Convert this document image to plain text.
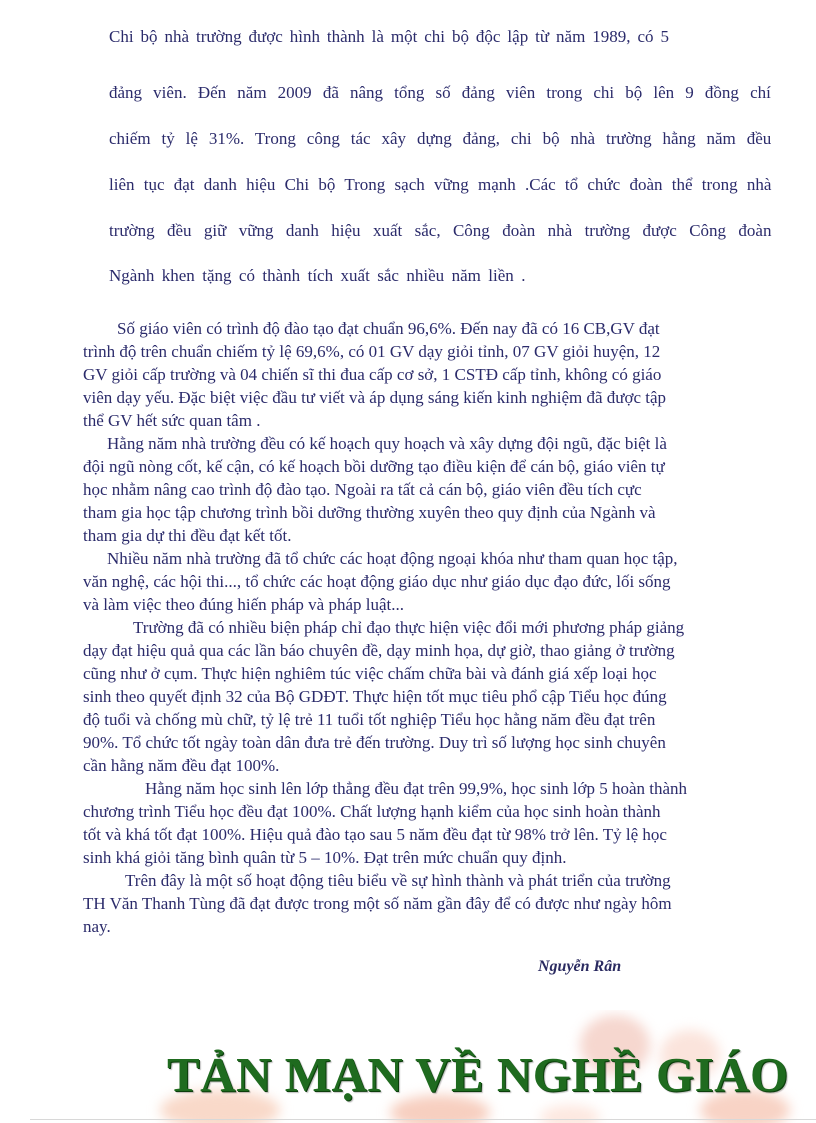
Chi bộ nhà trường được hình thành là một chi bộ độc lập từ năm 1989, có 5
đảng viên. Đến năm 2009 đã nâng tổng số đảng viên trong chi bộ lên 9 đồng chí
chiếm tỷ lệ 31%. Trong công tác xây dựng đảng, chi bộ nhà trường hằng năm đều
liên tục đạt danh hiệu Chi bộ Trong sạch vững mạnh .Các tổ chức đoàn thể trong nhà
trường đều giữ vững danh hiệu xuất sắc, Công đoàn nhà trường được Công đoàn
Ngành khen tặng có thành tích xuất sắc nhiều năm liền .
Số giáo viên có trình độ đào tạo đạt chuẩn 96,6%. Đến nay đã có 16 CB,GV đạt
trình độ trên chuẩn chiếm tỷ lệ 69,6%, có 01 GV dạy giỏi tỉnh, 07 GV giỏi huyện, 12
GV giỏi cấp trường và 04 chiến sĩ thi đua cấp cơ sở, 1 CSTĐ cấp tỉnh, không có giáo
viên dạy yếu. Đặc biệt việc đầu tư viết và áp dụng sáng kiến kinh nghiệm đã được tập
thể GV hết sức quan tâm .
Hằng năm nhà trường đều có kế hoạch quy hoạch và xây dựng đội ngũ, đặc biệt là
đội ngũ nòng cốt, kế cận, có kế hoạch bồi dưỡng tạo điều kiện để cán bộ, giáo viên tự
học nhằm nâng cao trình độ đào tạo. Ngoài ra tất cả cán bộ, giáo viên đều tích cực
tham gia học tập chương trình bồi dưỡng thường xuyên theo quy định của Ngành và
tham gia dự thi đều đạt kết tốt.
Nhiều năm nhà trường đã tổ chức các hoạt động ngoại khóa như tham quan học tập,
văn nghệ, các hội thi..., tổ chức các hoạt động giáo dục như giáo dục đạo đức, lối sống
và làm việc theo đúng hiến pháp và pháp luật...
Trường đã có nhiều biện pháp chỉ đạo thực hiện việc đổi mới phương pháp giảng
dạy đạt hiệu quả qua các lần báo chuyên đề, dạy minh họa, dự giờ, thao giảng ở trường
cũng như ở cụm. Thực hiện nghiêm túc việc chấm chữa bài và đánh giá xếp loại học
sinh theo quyết định 32 của Bộ GDĐT. Thực hiện tốt mục tiêu phổ cập Tiểu học đúng
độ tuổi và chống mù chữ, tỷ lệ trẻ 11 tuổi tốt nghiệp Tiểu học hằng năm đều đạt trên
90%. Tổ chức tốt ngày toàn dân đưa trẻ đến trường. Duy trì số lượng học sinh chuyên
cần hằng năm đều đạt 100%.
Hằng năm học sinh lên lớp thẳng đều đạt trên 99,9%, học sinh lớp 5 hoàn thành
chương trình Tiểu học đều đạt 100%. Chất lượng hạnh kiểm của học sinh hoàn thành
tốt và khá tốt đạt 100%. Hiệu quả đào tạo sau 5 năm đều đạt từ 98% trở lên. Tỷ lệ học
sinh khá giỏi tăng bình quân từ 5 – 10%. Đạt trên mức chuẩn quy định.
Trên đây là một số hoạt động tiêu biểu về sự hình thành và phát triển của trường
TH Văn Thanh Tùng đã đạt được trong một số năm gần đây để có được như ngày hôm
nay.
Nguyễn Rân
TẢN MẠN VỀ NGHỀ GIÁO
